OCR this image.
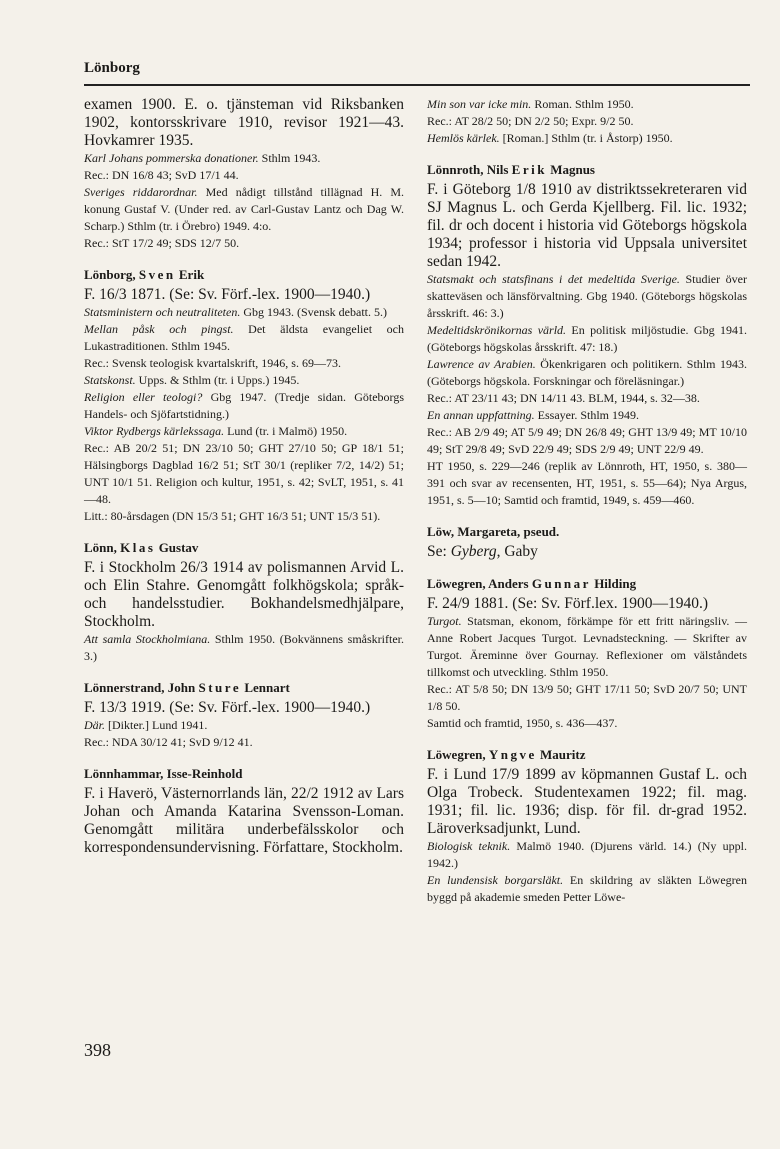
Lönborg

examen 1900. E. o. tjänsteman vid Riksbanken 1902, kontorsskrivare 1910, revisor 1921—43. Hovkamrer 1935.

Karl Johans pommerska donationer. Sthlm 1943.

Rec.: DN 16/8 43; SvD 17/1 44.

Sveriges riddarordnar. Med nådigt tillstånd tillägnad H. M. konung Gustaf V. (Under red. av Carl-Gustav Lantz och Dag W. Scharp.) Sthlm (tr. i Örebro) 1949. 4:o.

Rec.: StT 17/2 49; SDS 12/7 50.

Lönborg, Sven Erik

F. 16/3 1871. (Se: Sv. Förf.-lex. 1900—1940.)

Statsministern och neutraliteten. Gbg 1943. (Svensk debatt. 5.)

Mellan påsk och pingst. Det äldsta evangeliet och Lukastraditionen. Sthlm 1945.

Rec.: Svensk teologisk kvartalskrift, 1946, s. 69—73.

Statskonst. Upps. & Sthlm (tr. i Upps.) 1945.

Religion eller teologi? Gbg 1947. (Tredje sidan. Göteborgs Handels- och Sjöfartstidning.)

Viktor Rydbergs kärlekssaga. Lund (tr. i Malmö) 1950.

Rec.: AB 20/2 51; DN 23/10 50; GHT 27/10 50; GP 18/1 51; Hälsingborgs Dagblad 16/2 51; StT 30/1 (repliker 7/2, 14/2) 51; UNT 10/1 51. Religion och kultur, 1951, s. 42; SvLT, 1951, s. 41—48.

Litt.: 80-årsdagen (DN 15/3 51; GHT 16/3 51; UNT 15/3 51).

Lönn, Klas Gustav

F. i Stockholm 26/3 1914 av polismannen Arvid L. och Elin Stahre. Genomgått folkhögskola; språk- och handelsstudier. Bokhandelsmedhjälpare, Stockholm.

Att samla Stockholmiana. Sthlm 1950. (Bokvännens småskrifter. 3.)

Lönnerstrand, John Sture Lennart

F. 13/3 1919. (Se: Sv. Förf.-lex. 1900—1940.)

Där. [Dikter.] Lund 1941.

Rec.: NDA 30/12 41; SvD 9/12 41.

Lönnhammar, Isse-Reinhold

F. i Haverö, Västernorrlands län, 22/2 1912 av Lars Johan och Amanda Katarina Svensson-Loman. Genomgått militära underbefälsskolor och korrespondensundervisning. Författare, Stockholm.

Min son var icke min. Roman. Sthlm 1950.

Rec.: AT 28/2 50; DN 2/2 50; Expr. 9/2 50.

Hemlös kärlek. [Roman.] Sthlm (tr. i Åstorp) 1950.

Lönnroth, Nils Erik Magnus

F. i Göteborg 1/8 1910 av distriktssekreteraren vid SJ Magnus L. och Gerda Kjellberg. Fil. lic. 1932; fil. dr och docent i historia vid Göteborgs högskola 1934; professor i historia vid Uppsala universitet sedan 1942.

Statsmakt och statsfinans i det medeltida Sverige. Studier över skatteväsen och länsförvaltning. Gbg 1940. (Göteborgs högskolas årsskrift. 46: 3.)

Medeltidskrönikornas värld. En politisk miljöstudie. Gbg 1941. (Göteborgs högskolas årsskrift. 47: 18.)

Lawrence av Arabien. Ökenkrigaren och politikern. Sthlm 1943. (Göteborgs högskola. Forskningar och föreläsningar.)

Rec.: AT 23/11 43; DN 14/11 43. BLM, 1944, s. 32—38.

En annan uppfattning. Essayer. Sthlm 1949.

Rec.: AB 2/9 49; AT 5/9 49; DN 26/8 49; GHT 13/9 49; MT 10/10 49; StT 29/8 49; SvD 22/9 49; SDS 2/9 49; UNT 22/9 49.

HT 1950, s. 229—246 (replik av Lönnroth, HT, 1950, s. 380—391 och svar av recensenten, HT, 1951, s. 55—64); Nya Argus, 1951, s. 5—10; Samtid och framtid, 1949, s. 459—460.

Löw, Margareta, pseud.

Se: Gyberg, Gaby

Löwegren, Anders Gunnar Hilding

F. 24/9 1881. (Se: Sv. Förf.lex. 1900—1940.)

Turgot. Statsman, ekonom, förkämpe för ett fritt näringsliv. — Anne Robert Jacques Turgot. Levnadsteckning. — Skrifter av Turgot. Äreminne över Gournay. Reflexioner om välståndets tillkomst och utveckling. Sthlm 1950.

Rec.: AT 5/8 50; DN 13/9 50; GHT 17/11 50; SvD 20/7 50; UNT 1/8 50.

Samtid och framtid, 1950, s. 436—437.

Löwegren, Yngve Mauritz

F. i Lund 17/9 1899 av köpmannen Gustaf L. och Olga Trobeck. Studentexamen 1922; fil. mag. 1931; fil. lic. 1936; disp. för fil. dr-grad 1952. Läroverksadjunkt, Lund.

Biologisk teknik. Malmö 1940. (Djurens värld. 14.) (Ny uppl. 1942.)

En lundensisk borgarsläkt. En skildring av släkten Löwegren byggd på akademie smeden Petter Löwe-

398
